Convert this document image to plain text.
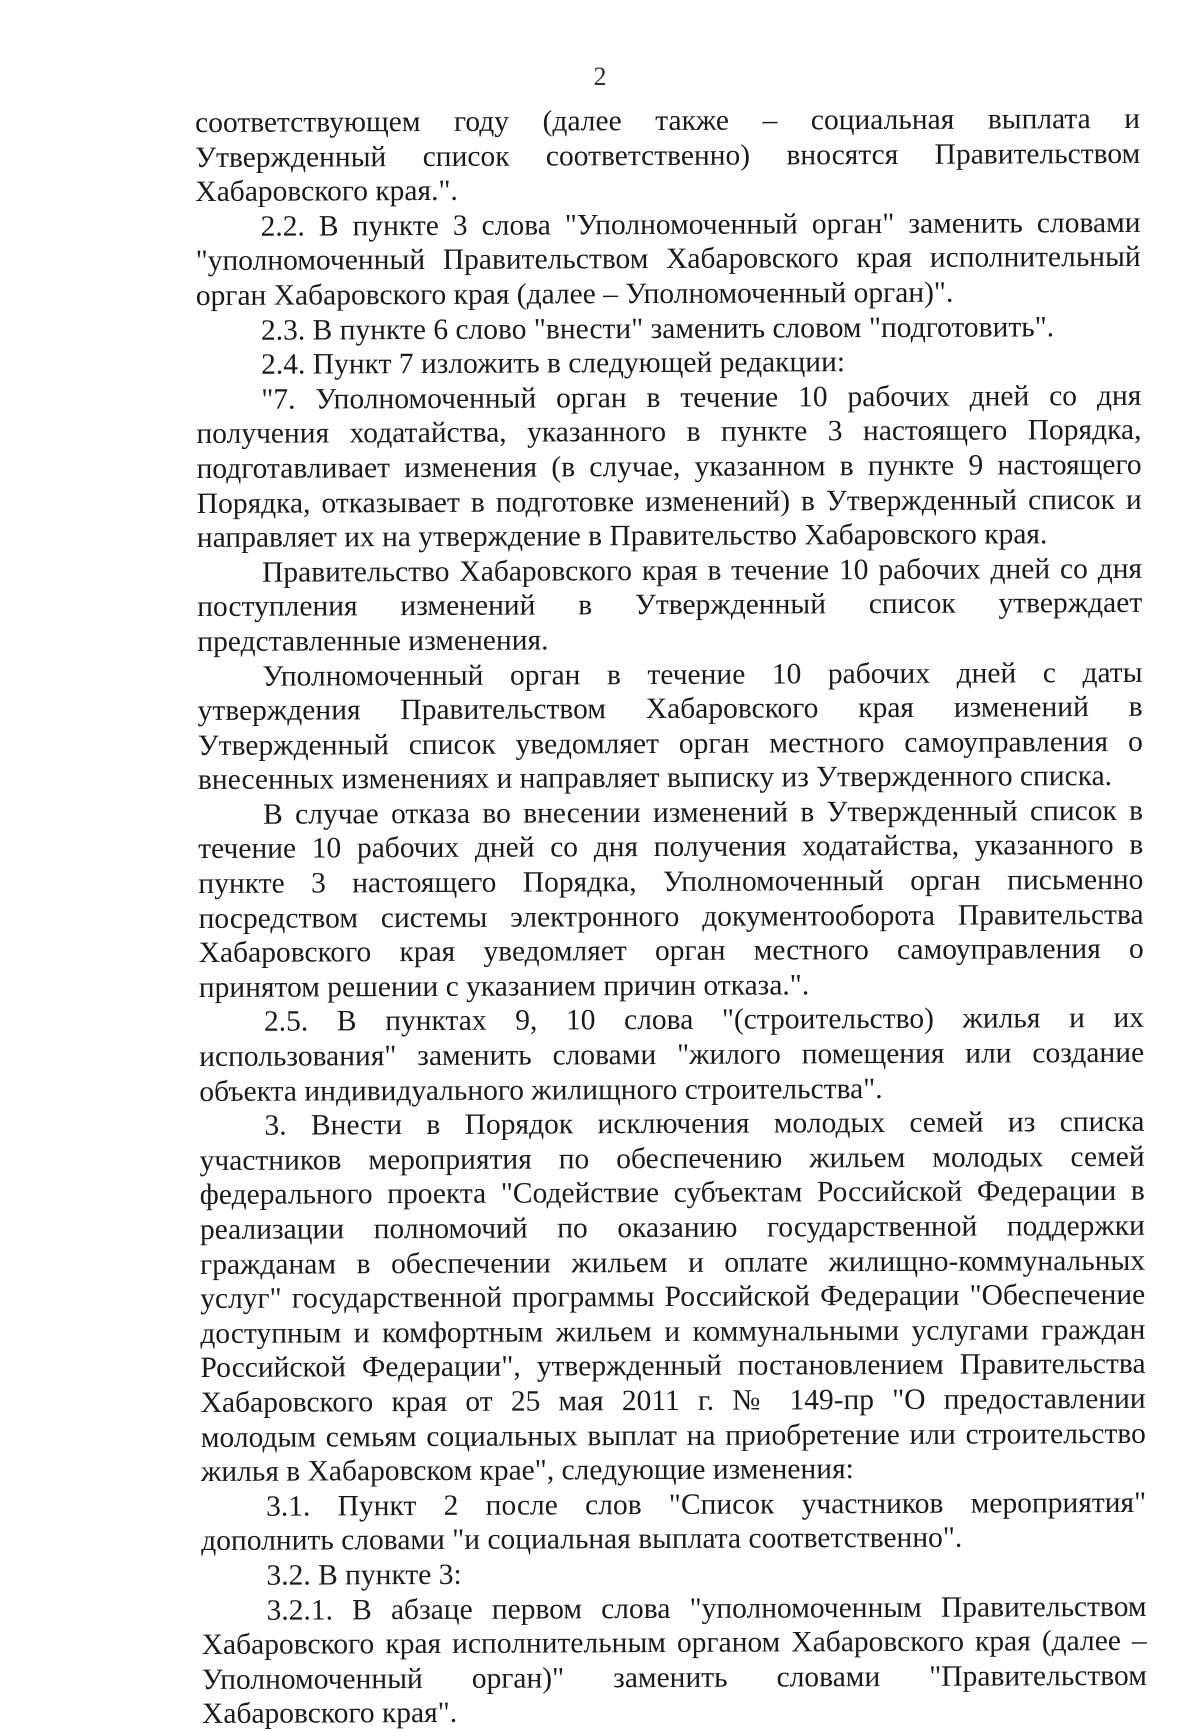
2

соответствующем году (далее также – социальная выплата и Утвержденный список соответственно) вносятся Правительством Хабаровского края.".

2.2. В пункте 3 слова "Уполномоченный орган" заменить словами "уполномоченный Правительством Хабаровского края исполнительный орган Хабаровского края (далее – Уполномоченный орган)".

2.3. В пункте 6 слово "внести" заменить словом "подготовить".

2.4. Пункт 7 изложить в следующей редакции:

"7. Уполномоченный орган в течение 10 рабочих дней со дня получения ходатайства, указанного в пункте 3 настоящего Порядка, подготавливает изменения (в случае, указанном в пункте 9 настоящего Порядка, отказывает в подготовке изменений) в Утвержденный список и направляет их на утверждение в Правительство Хабаровского края.

Правительство Хабаровского края в течение 10 рабочих дней со дня поступления изменений в Утвержденный список утверждает представленные изменения.

Уполномоченный орган в течение 10 рабочих дней с даты утверждения Правительством Хабаровского края изменений в Утвержденный список уведомляет орган местного самоуправления о внесенных изменениях и направляет выписку из Утвержденного списка.

В случае отказа во внесении изменений в Утвержденный список в течение 10 рабочих дней со дня получения ходатайства, указанного в пункте 3 настоящего Порядка, Уполномоченный орган письменно посредством системы электронного документооборота Правительства Хабаровского края уведомляет орган местного самоуправления о принятом решении с указанием причин отказа.".

2.5. В пунктах 9, 10 слова "(строительство) жилья и их использования" заменить словами "жилого помещения или создание объекта индивидуального жилищного строительства".

3. Внести в Порядок исключения молодых семей из списка участников мероприятия по обеспечению жильем молодых семей федерального проекта "Содействие субъектам Российской Федерации в реализации полномочий по оказанию государственной поддержки гражданам в обеспечении жильем и оплате жилищно-коммунальных услуг" государственной программы Российской Федерации "Обеспечение доступным и комфортным жильем и коммунальными услугами граждан Российской Федерации", утвержденный постановлением Правительства Хабаровского края от 25 мая 2011 г. № 149-пр "О предоставлении молодым семьям социальных выплат на приобретение или строительство жилья в Хабаровском крае", следующие изменения:

3.1. Пункт 2 после слов "Список участников мероприятия" дополнить словами "и социальная выплата соответственно".

3.2. В пункте 3:

3.2.1. В абзаце первом слова "уполномоченным Правительством Хабаровского края исполнительным органом Хабаровского края (далее – Уполномоченный орган)" заменить словами "Правительством Хабаровского края".
